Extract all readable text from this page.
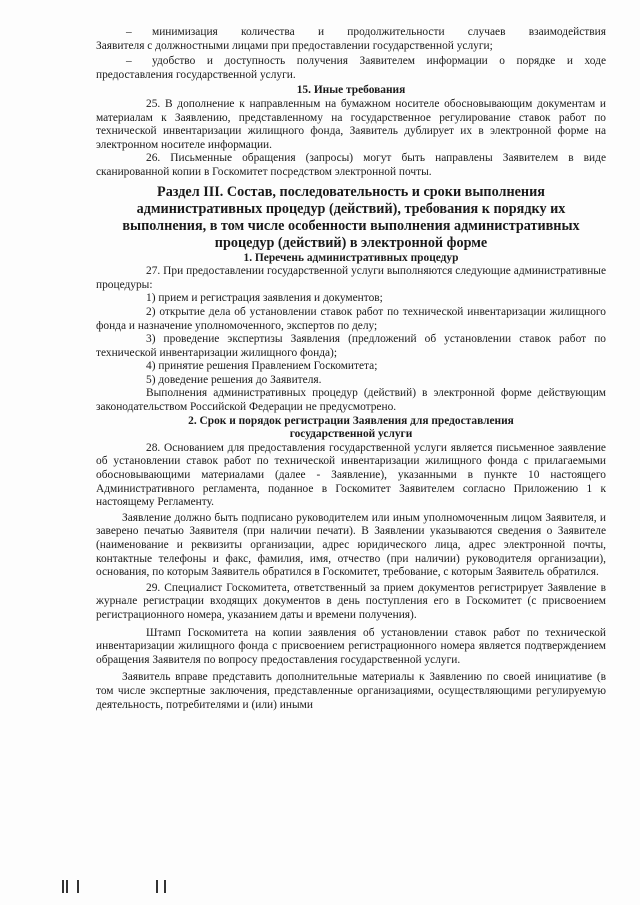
–	минимизация количества и продолжительности случаев взаимодействия

Заявителя с должностными лицами при предоставлении государственной услуги;

–	удобство и доступность получения Заявителем информации о порядке и ходе

предоставления государственной услуги.

15. Иные требования

25. В дополнение к направленным на бумажном носителе обосновывающим документам и материалам к Заявлению, представленному на государственное регулирование ставок работ по технической инвентаризации жилищного фонда, Заявитель дублирует их в электронной форме на электронном носителе информации.

26. Письменные обращения (запросы) могут быть направлены Заявителем в виде сканированной копии в Госкомитет посредством электронной почты.

Раздел III. Состав, последовательность и сроки выполнения административных процедур (действий), требования к порядку их выполнения, в том числе особенности выполнения административных процедур (действий) в электронной форме
1. Перечень административных процедур

27. При предоставлении государственной услуги выполняются следующие административные процедуры:

1) прием и регистрация заявления и документов;

2) открытие дела об установлении ставок работ по технической инвентаризации жилищного фонда и назначение уполномоченного, экспертов по делу;

3) проведение экспертизы Заявления (предложений об установлении ставок работ по технической инвентаризации жилищного фонда);

4) принятие решения Правлением Госкомитета;

5) доведение решения до Заявителя.

Выполнения административных процедур (действий) в электронной форме действующим законодательством Российской Федерации не предусмотрено.

2. Срок и порядок регистрации Заявления для предоставления
государственной услуги

28. Основанием для предоставления государственной услуги является письменное заявление об установлении ставок работ по технической инвентаризации жилищного фонда с прилагаемыми обосновывающими материалами (далее - Заявление), указанными в пункте 10 настоящего Административного регламента, поданное в Госкомитет Заявителем согласно Приложению 1 к настоящему Регламенту.

Заявление должно быть подписано руководителем или иным уполномоченным лицом Заявителя, и заверено печатью Заявителя (при наличии печати). В Заявлении указываются сведения о Заявителе (наименование и реквизиты организации, адрес юридического лица, адрес электронной почты, контактные телефоны и факс, фамилия, имя, отчество (при наличии) руководителя организации), основания, по которым Заявитель обратился в Госкомитет, требование, с которым Заявитель обратился.

29. Специалист Госкомитета, ответственный за прием документов регистрирует Заявление в журнале регистрации входящих документов в день поступления его в Госкомитет (с присвоением регистрационного номера, указанием даты и времени получения).

Штамп Госкомитета на копии заявления об установлении ставок работ по технической инвентаризации жилищного фонда с присвоением регистрационного номера является подтверждением обращения Заявителя по вопросу предоставления государственной услуги.

Заявитель вправе представить дополнительные материалы к Заявлению по своей инициативе (в том числе экспертные заключения, представленные организациями, осуществляющими регулируемую деятельность, потребителями и (или) иными
